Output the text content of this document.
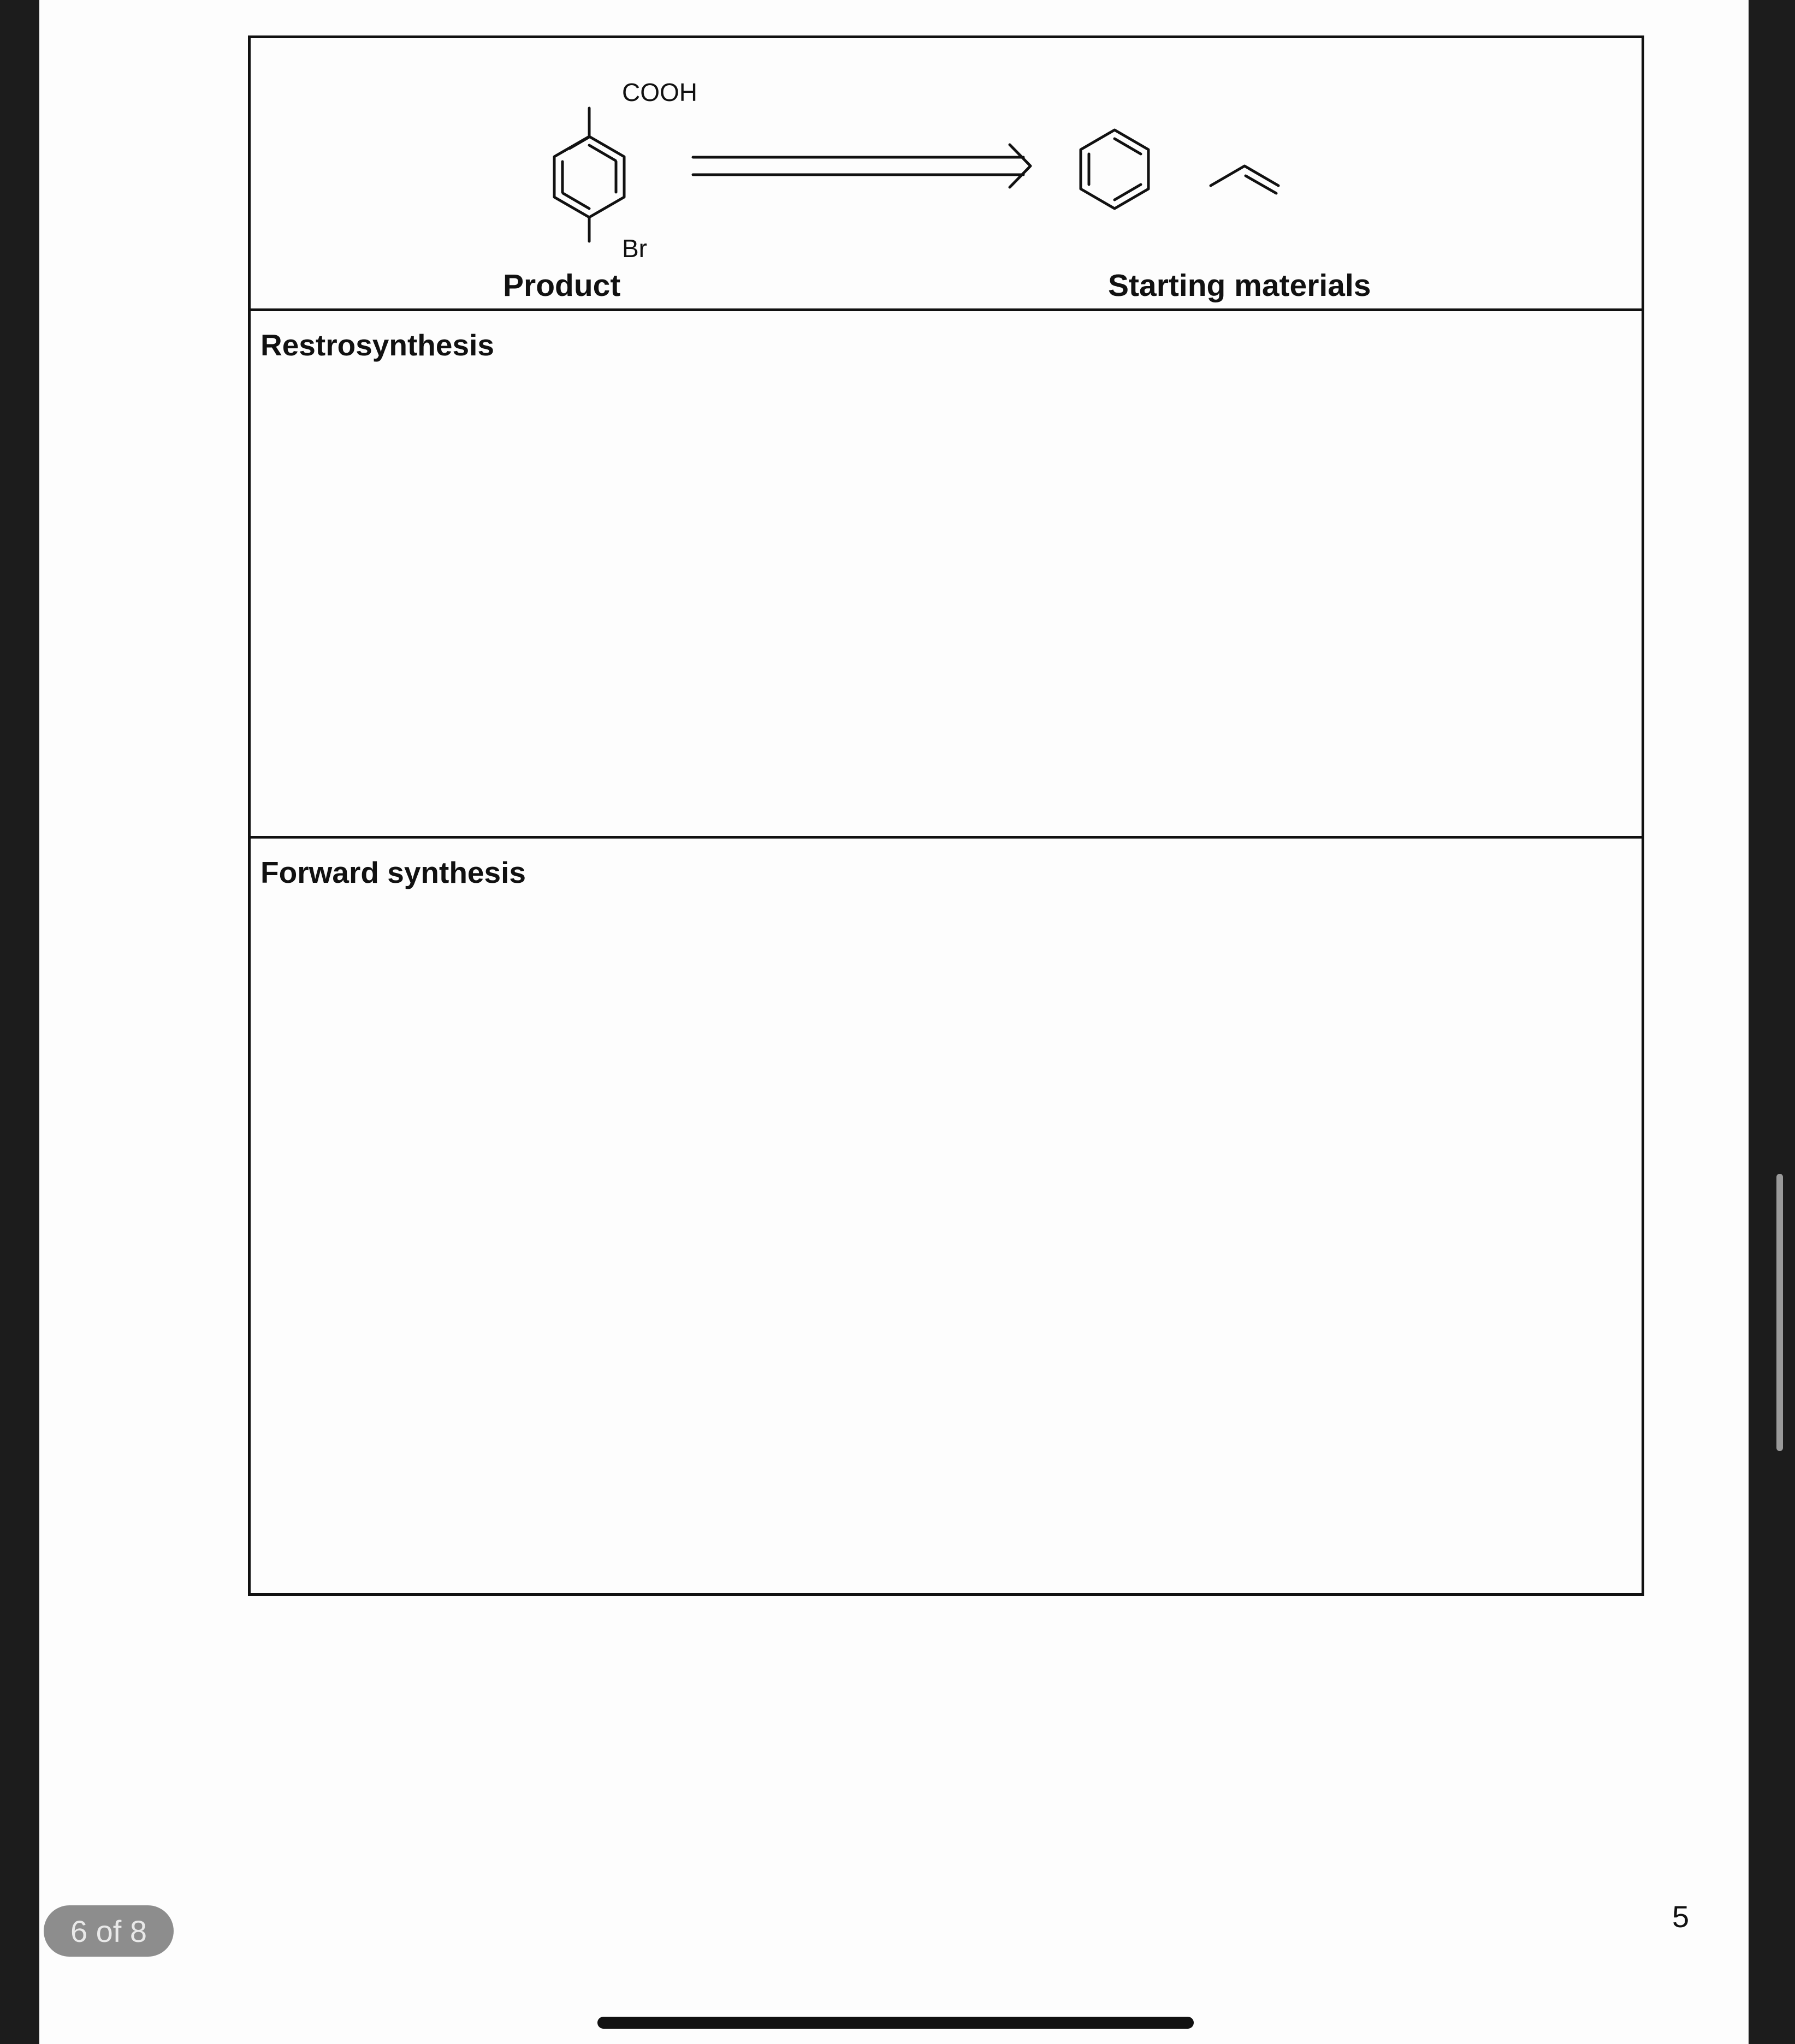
COOH
Br
Product	Starting materials
Restrosynthesis
Forward synthesis
5
6 of 8
